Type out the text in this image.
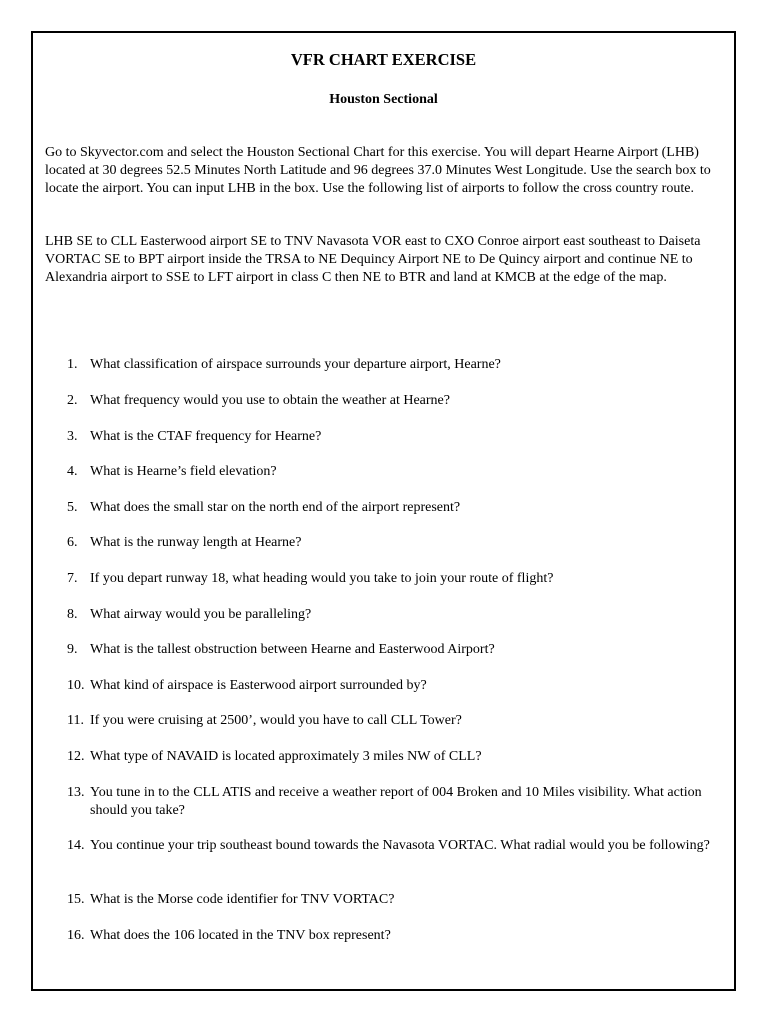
VFR CHART EXERCISE
Houston Sectional

Go to Skyvector.com and select the Houston Sectional Chart for this exercise. You will depart Hearne Airport (LHB) located at 30 degrees 52.5 Minutes North Latitude and 96 degrees 37.0 Minutes West Longitude. Use the search box to locate the airport. You can input LHB in the box. Use the following list of airports to follow the cross country route.

LHB SE to CLL Easterwood airport SE to TNV Navasota VOR east to CXO Conroe airport east southeast to Daiseta VORTAC SE to BPT airport inside the TRSA to NE Dequincy Airport NE to De Quincy airport and continue NE to Alexandria airport to SSE to LFT airport in class C then NE to BTR and land at KMCB at the edge of the map.

1. What classification of airspace surrounds your departure airport, Hearne?
2. What frequency would you use to obtain the weather at Hearne?
3. What is the CTAF frequency for Hearne?
4. What is Hearne’s field elevation?
5. What does the small star on the north end of the airport represent?
6. What is the runway length at Hearne?
7. If you depart runway 18, what heading would you take to join your route of flight?
8. What airway would you be paralleling?
9. What is the tallest obstruction between Hearne and Easterwood Airport?
10. What kind of airspace is Easterwood airport surrounded by?
11. If you were cruising at 2500’, would you have to call CLL Tower?
12. What type of NAVAID is located approximately 3 miles NW of CLL?
13. You tune in to the CLL ATIS and receive a weather report of 004 Broken and 10 Miles visibility. What action should you take?
14. You continue your trip southeast bound towards the Navasota VORTAC. What radial would you be following?
15. What is the Morse code identifier for TNV VORTAC?
16. What does the 106 located in the TNV box represent?
